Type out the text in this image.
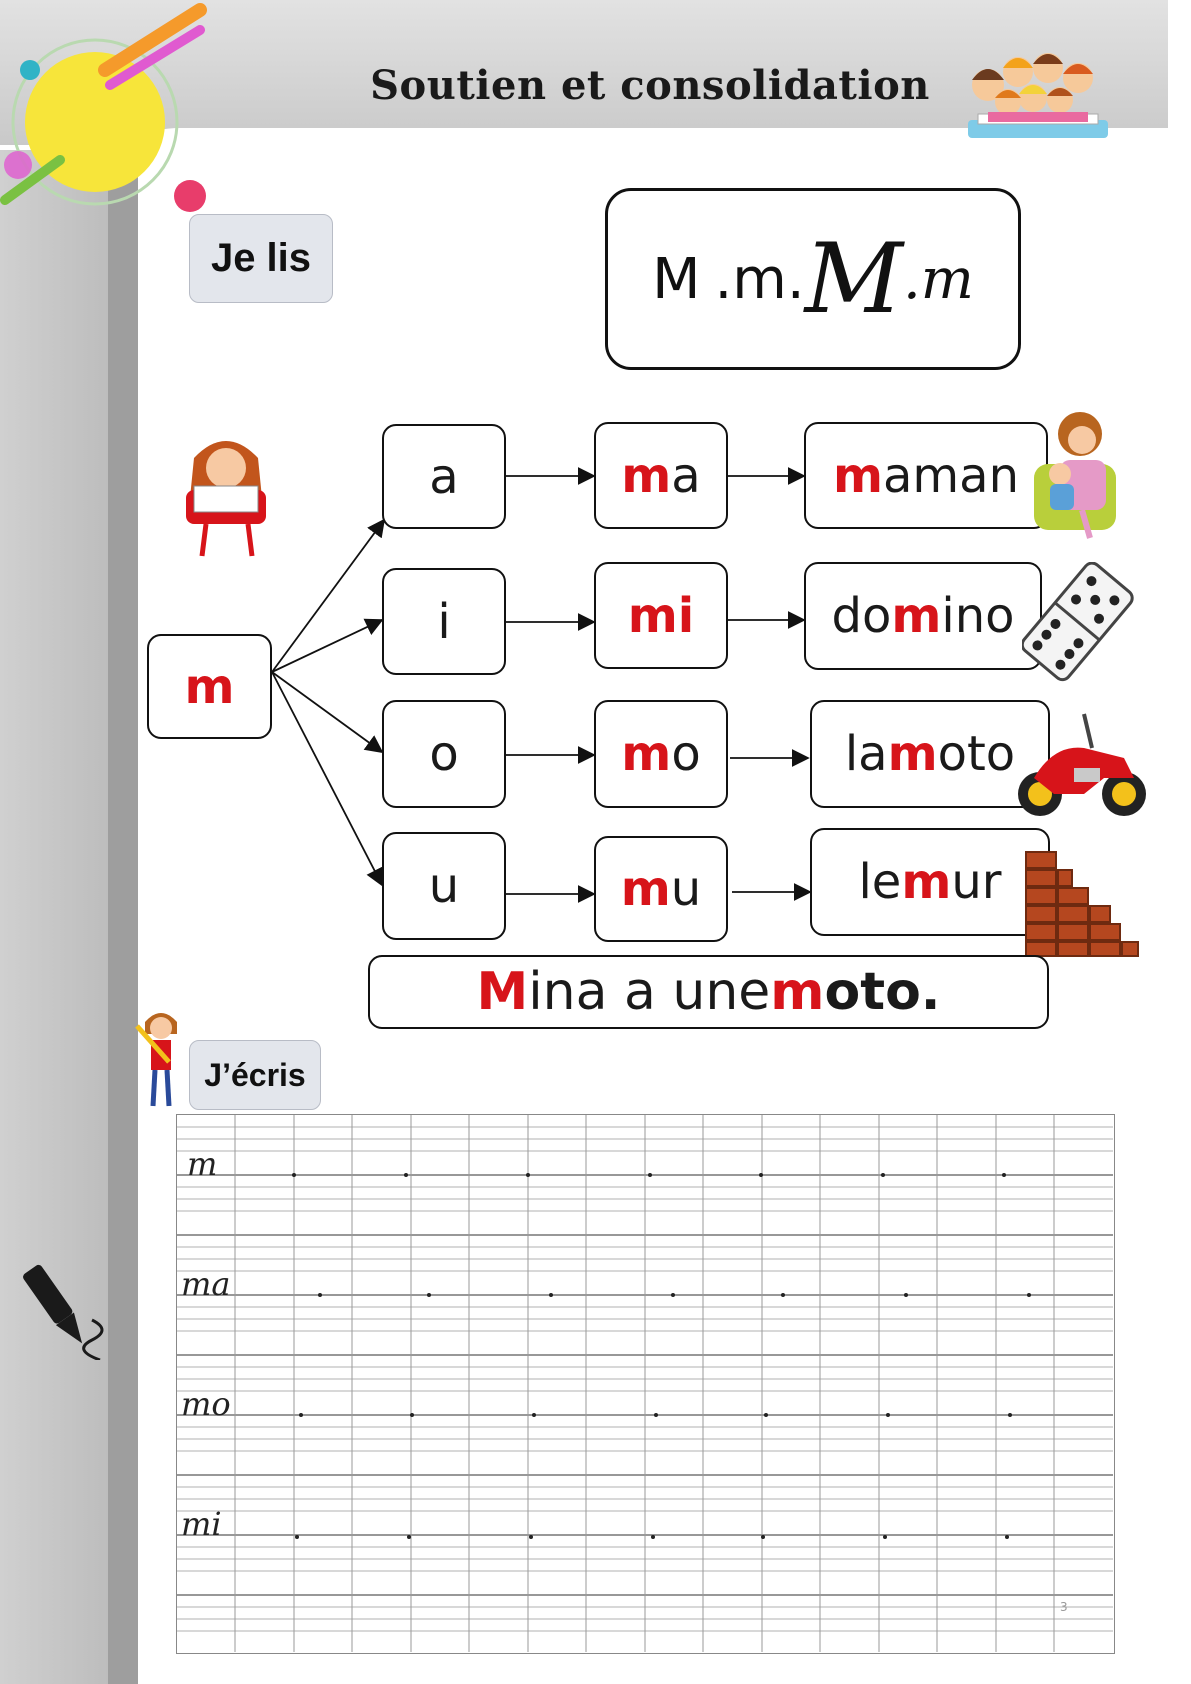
Soutien et consolidation
Je lis	M .m. M .m
m
a	m a	m aman
i	mi	do m ino
o	m o	la m oto
u	m u	le m ur
M ina a une m oto.
J’écris
m
ma
mo
mi
3
